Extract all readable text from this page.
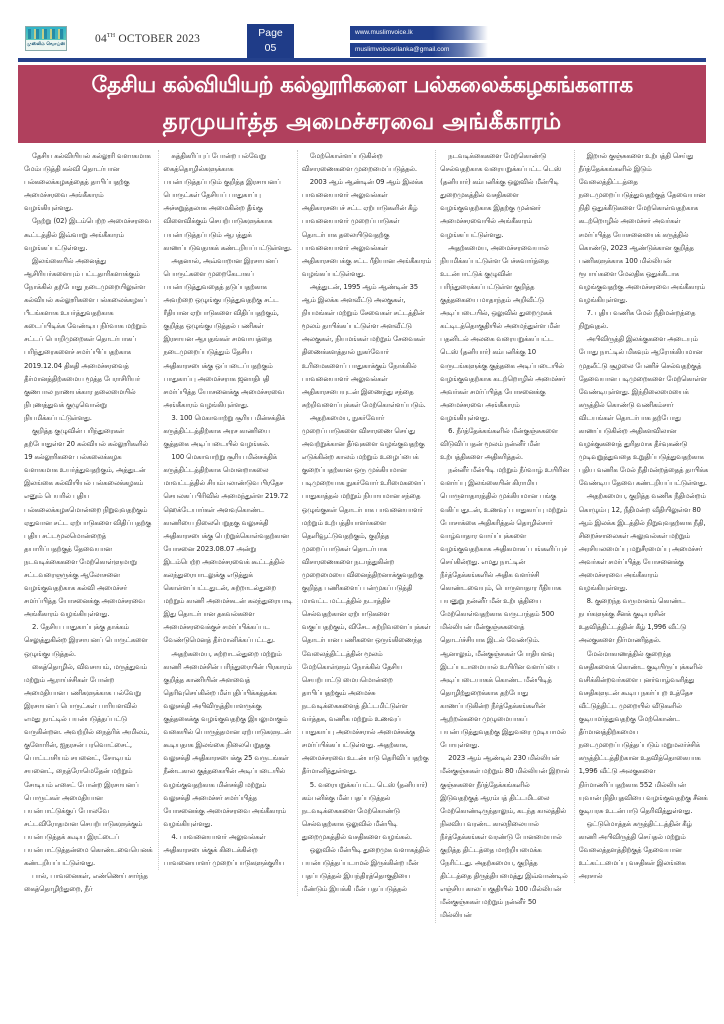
முஸ்லிம் வொய்ஸ்	04TH OCTOBER 2023	Page
05
www.muslimvoice.lk
muslimvoicesrilanka@gmail.com
தேசிய கல்வியியற் கல்லூரிகளை பல்கலைக்கழகங்களாக
தரமுயர்த்த அமைச்சரவை அங்கீகாரம்

தேசிய கல்வியியல் கல்லூரி வளாகமாக மேம்படுத்தி கல்வி தொடர்பான பல்கலைக்கழகத்தைத் தாபிப்பதற்கு அமைச்சரவை அங்கீகாரம் வழங்கியுள்ளது.

நேற்று (02) இடம்பெற்ற அமைச்சரவை கூட்டத்தில் இவ்வாறு அங்கீகாரம் வழங்கப்பட்டுள்ளது.

இலங்கையில் அனைத்து ஆசிரியர்களையும் பட்டதாரிகளாக்கும் நோக்கில் தற்போது நடைமுறையிலுள்ள கல்வியல் கல்லூரிகளை பல்கலைக்கழகப் பீடங்களாக உயர்த்துவதற்காக கடைப்பிடிக்க வேண்டிய நிர்வாக மற்றும் சட்டப் பொறிமுறைகள் தொடர்பாகப் பரிந்துரைகளைச் சமர்ப்பிப்பதற்காக 2019.12.04 திகதி அமைச்சரவைத் தீர்மானத்திற்கமைய மூத்த பேராசிரியர் குணபால நாணயக்கார தலைமையில் நிபுணத்துவக் குழுவொன்று நியமிக்கப்பட்டுள்ளது.

குறித்த குழுவின் பரிந்துரைகள் தற்போதுள்ள 20 கல்வியல் கல்லூரிகளில் 19 கல்லூரிகளை பல்கலைக்கழக வளாகமாக உயர்த்துவதற்கும், அத்துடன் இலங்கை கல்வியியல் பல்கலைக்கழகம் எனும் பெயரில் புதிய பல்கலைக்கழகமொன்றை நிறுவுவதற்கும் ஏதுவான சட்ட ஏற்பாடுகளை விதிப்பதற்கு புதிய சட்டமூலமொன்றைத் தயாரிப்பதற்குத் தேவையான நடவடிக்கைகளை மேற்கொள்ளுமாறு சட்டவரைஞருக்கு ஆலோசனை வழங்குவதற்காக கல்வி அமைச்சர் சமர்ப்பித்த யோசனைக்கு அமைச்சரவை அங்கீகாரம் வழங்கியுள்ளது.

2. தேசிய பாதுகாப்புக்கு தாக்கம் செலுத்துகின்ற இரசாயனப் பொருட்களை ஒழுங்குபடுத்தல்.

கைத்தொழில், விவசாயம், மருத்துவம் மற்றும் ஆராய்ச்சிகள் போன்ற அமைதியான பணிகளுக்காக பல்வேறு இரசாயனப் பொருட்கள் பாரியளவில் எமது நாட்டில் பயன்படுத்தப்பட்டு வருகின்றன. அவற்றில் நைத்ரிக் அமிலம், குளோரின், ஐதரசன் பரவொட்சைட், பொட்டாசியம் சயனைட், சோடியம் சயனைட், நைத்ரோமெதேன் மற்றும் சோடியம் எசைட் போன்ற இரசாயனப் பொருட்கள் அமைதியான பயன்பாட்டுக்குப் போலவே சட்டவிரோதமான செயற்பாடுகளுக்கும் பயன்படுத்தக் கூடிய இரட்டைப் பயன்பாட்டுத்தன்மை கொண்டவையெனக் கண்டறியப்பட்டுள்ளது.

பால், பாவனைகள், எண்ணெய் சார்ந்த கைத்தொழிற்துறை, நீர்

சுத்திகரிப்புப் போன்ற பல்வேறு கைத்தொழில்களுக்காக பயன்படுத்தப்படும் குறித்த இரசாயனப் பொருட்கள் தேசியப் பாதுகாப்பு அச்சுறுத்தலாக அமைகின்ற தீங்கு விளைவிக்கும் செயற்பாடுகளுக்காக பயன்படுத்தப்படும் ஆபத்துக் காணப்படுவதாகக் கண்டறியப்பட்டுள்ளது.

அதனால், அவ்வாறான இரசாயனப் பொருட்களை முறைகேடாகப் பயன்படுத்துவதைத் தடுப்பதற்காக அவற்றை ஒழுங்குபடுத்துவதற்கு சட்ட ரீதியான ஏற்பாடுகளை விதிப்பதற்கும், குறித்த ஒழுங்குபடுத்தல் பணிகள் இரசாயன ஆயுதங்கள் சமவாயத்தை நடைமுறைப்படுத்தும் தேசிய அதிகாரசபைக்கு ஒப்படைப்பதற்கும் பாதுகாப்பு அமைச்சராக ஜனாதிபதி சமர்ப்பித்த யோசனைக்கு அமைச்சரவை அங்கீகாரம் வழங்கியுள்ளது.

3. 100 மெகாவாற்று சூரிய மின்சக்திக் கருத்திட்டத்திற்காக அரச காணியை குத்தகை அடிப்படையில் வழங்கல்.

100 மெகாவாற்று சூரிய மின்சக்திக் கருத்திட்டத்திற்காக மொனறாகலை மாவட்டத்தில் சியம்பலாண்டுவ பிரதேச செயலகப் பிரிவில் அமைந்துள்ள 219.72 ஹெக்டேயார்கள் அளவுகொண்ட காணியை நிலைபெறுதகு வலுசக்தி அதிகாரசபைக்கு பெற்றுக்கொள்வதற்கான யோசனை 2023.08.07 அன்று இடம்பெற்ற அமைச்சரவைக் கூட்டத்தில் கலந்துரையாடலுக்கு எடுத்துக் கொள்ளப்பட்டதுடன், சுற்றாடல்துறை மற்றும் காணி அமைச்சுடன் கலந்துரையாடி இது தொடர்பான தகவல்களை அமைச்சரவைக்குச் சமர்ப்பிக்கப்பட வேண்டுமெனத் தீர்மானிக்கப்பட்டது.

அதற்கமைய, சுற்றாடல்துறை மற்றும் காணி அமைச்சின் பரிந்துரையின் பிரகாரம் குறித்த காணியின் அளவைத் தெரிவுசெய்கின்ற மீள்புதிப்பிக்கத்தக்க வலுசக்தி அபிவிருத்தியாளருக்கு குத்தகைக்கு வழங்குவதற்கு இயலுமாகும் வகையில் பொருத்தமான ஏற்பாடுகளுடன் கூடியதாக இலங்கை நிலைபெறுதகு வலுசக்தி அதிகாரசபைக்கு 25 வருடங்கள் நீண்டகால குத்தகையின் அடிப்படையில் வழங்குவதற்காக மின்சக்தி மற்றும் வலுசக்தி அமைச்சர் சமர்ப்பித்த யோசனைக்கு அமைச்சரவை அங்கீகாரம் வழங்கியுள்ளது.

4. பாவனையாளர் அலுவல்கள் அதிகாரசபைக்குக் கிடைக்கின்ற பாவனையாளர் முறைப்பாடுகளுக்குரிய

மேற்கொள்ளப்படுகின்ற விசாரணைகளை முறைமைப்படுத்தல்.

2003 ஆம் ஆண்டின் 09 ஆம் இலக்க பாவனையாளர் அலுவல்கள் அதிகாரசபைச் சட்ட ஏற்பாடுகளின் கீழ் பாவனையாளர் முறைப்பாடுகள் தொடர்பாக தலையிடுவதற்கு பாவனையாளர் அலுவல்கள் அதிகாரசபைக்கு சட்ட ரீதியான அங்கீகாரம் வழங்கப்பட்டுள்ளது.

அத்துடன், 1995 ஆம் ஆண்டின் 35 ஆம் இலக்க அளவீட்டு அலகுகள், நியமங்கள் மற்றும் சேவைகள் சட்டத்தின் மூலம் தாபிக்கப்பட்டுள்ள அளவீட்டு அலகுகள், நியமங்கள் மற்றும் சேவைகள் திணைக்களத்தால் நுகர்வோர் உரிமைகளைப் பாதுகாக்கும் நோக்கில் பாவனையாளர் அலுவல்கள் அதிகாரசபையுடன் இணைந்து சந்தை சுற்றிவளைப்புக்கள் மேற்கொள்ளப்படும்.

அதற்கமைய, நுகர்வோர் முறைப்பாடுகளை விசாரணை செய்து அவற்றுக்கான தீர்வுகளை வழங்குவதற்கு எடுக்கின்ற காலம் மற்றும் உழைப்பைக் குறைப்பதற்கான ஒரு முக்கியமான படிமுறையாக நுகர்வோர் உரிமைகளைப் பாதுகாத்தல் மற்றும் நியாயமான சந்தை ஒழுங்குகள் தொடர்பாக பாவனையாளர் மற்றும் உற்பத்தியாளர்களை தெளிவூட்டுவதற்கும், குறித்த முறைப்பாடுகள் தொடர்பாக விசாரணைகளை நடாத்துகின்ற முறைமையை வினைத்திறனாக்குவதற்கு குறித்த பணிகளைப் பன்முகப்படுத்தி மாவட்ட மட்டத்தில் நடாத்திச் செல்வதற்கான ஏற்பாடுகளை வகுப்பதற்கும், விசேட சுற்றிவளைப்புக்கள் தொடர்பான பணிகளை ஒருங்கிணைந்த வேலைத்திட்டத்தின் மூலம் மேற்கொள்ளும் நோக்கில் தேசிய செயற்பாட்டு மையமொன்றை தாபிப்பதற்கும் அமைச்சு நடவடிக்கைகளைத் திட்டமிட்டுள்ள வர்த்தக, வணிக மற்றும் உணவுப் பாதுகாப்பு அமைச்சரால் அமைச்சுக்கு சமர்ப்பிக்கப்பட்டுள்ளது. அதற்காக, அமைச்சரவை உடன்பாடு தெரிவிப்பதற்கு தீர்மானித்துள்ளது.

5. வரையறுக்கப்பட்ட டெஸ் (தனியார்) கம்பனிக்கு மீன் பதப்படுத்தல் நடவடிக்கைகளை மேற்கொண்டு செல்வதற்காக ஒலுவில் மீன்பிடி துறைமுகத்தில் வசதிகளை வழங்கல்.

ஒலுவில் மீன்பிடி துறைமுக வளாகத்தில் பயன்படுத்தப்படாமல் இருக்கின்ற மீன் பதப்படுத்தல் இயந்திரத்தொகுதியை மீண்டும் இயக்கி மீன் பதப்படுத்தல்

நடவடிக்கைகளை மேற்கொண்டு செல்வதற்காக வரையறுக்கப்பட்ட டெஸ் (தனியார்) கம்பனிக்கு ஒலுவில் மீன்பிடி துறைமுகத்தில் வசதிகளை வழங்குவதற்காக இதற்கு முன்னர் அமைச்சரவையில் அங்கீகாரம் வழங்கப்பட்டுள்ளது.

அதற்கமைய, அமைச்சரவையால் நியமிக்கப்பட்டுள்ள பேச்சுவார்த்தை உடன்பாட்டுக் குழுவின் பரிந்துரைக்கப்பட்டுள்ள குறித்த குத்தகையை மாதாந்தம் அறிவீட்டு அடிப்படையில், ஒலுவில் துறைமுகக் கட்டிடத்தொகுதியில் அமைந்துள்ள மீன் பதனிடல் அலகை வரையறுக்கப்பட்ட டெஸ் (தனியார்) கம்பனிக்கு 10 வருடங்களுக்கு குத்தகை அடிப்படையில் வழங்குவதற்காக கடற்றொழில் அமைச்சர் அவர்கள் சமர்ப்பித்த யோசனைக்கு அமைச்சரவை அங்கீகாரம் வழங்கியுள்ளது.

6. நீர்த்தேக்கங்களில் மீன்குஞ்சுகளை விடுவிப்பதன் மூலம் நன்னீர் மீன் உற்பத்திகளை அதிகரித்தல்.

நன்னீர் மீன்பிடி மற்றும் நீர்வாழ் உயிரின வளர்ப்பு இலங்கையின் கிராமிய பொருளாதாரத்தில் முக்கியமான பங்கு வகிப்பதுடன், உணவுப் பாதுகாப்பு மற்றும் போசாக்கை அதிகரித்தல் தொழில்சார் வாழ்வாதார வாய்ப்புக்களை வழங்குவதற்காக அதிகமாகப் பங்களிப்புச் செய்கின்றது. எமது நாட்டின் நீர்த்தேக்கங்களில் அதிக வளர்ச்சி கொண்டவையும், பொருளாதார ரீதியாக பயனுறு நன்னீர் மீன் உற்பத்தியை மேற்கொள்வதற்காக வருடாந்தம் 500 மில்லியன் மீன்குஞ்சுகளைத் தொடர்ச்சியாக இடல் வேண்டும். ஆனாலும், மீன்குஞ்சுகள் போதியளவு இடப்படாமையால் உயிரின வளர்ப்பை அடிப்படையாகக் கொண்ட மீன்பிடித் தொழிற்துறைக்காக தற்போது காணப்படுகின்ற நீர்த்தேக்கங்களின் ஆற்றல்களை முழுமையாகப் பயன்படுத்துவதற்கு இதுவரை முடியாமல் போயுள்ளது.

2023 ஆம் ஆண்டில் 230 மில்லியன் மீன்குஞ்சுகள் மற்றும் 80 மில்லியன் இறால் குஞ்சுகளை நீர்த்தேக்கங்களில் இடுவதற்குத் ஆரம்பத் திட்டமிடலை மேற்கொண்டிருந்தாலும், கடந்த காலத்தில் நிலவிய வரண்ட காலநிலையால் நீர்த்தேக்கங்கள் வரண்டு போனமையால் குறித்த திட்டத்தை மாற்றியமைக்க நேரிட்டது. அதற்கமைய, குறித்த திட்டத்தை திருத்தியமைத்து இவ்வாண்டில் எஞ்சிய காலப்பகுதியில் 100 மில்லியன் மீன்குஞ்சுகள் மற்றும் நன்னீர் 50 மில்லியன்

இறால் குஞ்சுகளை உற்பத்தி செய்து நீர்த்தேக்கங்களில் இடும் வேலைத்திட்டத்தை நடைமுறைப்படுத்துவதற்குத் தேவையான நிதி ஒதுக்கீடுகளை மேற்கொள்வதற்காக கடற்றொழில் அமைச்சர் அவர்கள் சமர்ப்பித்த யோசனையைக் கருத்தில் கொண்டு, 2023 ஆண்டுக்கான குறித்த பணிகளுக்காக 100 மில்லியன் ரூபாய்களை மேலதிக ஒதுக்கீடாக வழங்குவதற்கு அமைச்சரவை அங்கீகாரம் வழங்கியுள்ளது.

7. புதிய வணிக மேல் நீதிமன்றத்தை நிறுவுதல்.

அபிவிருத்தி இலக்குகளை அடையும் போது நாட்டில் மிகவும் ஆரோக்கியமான முதலீட்டு சூழலை பேணிச் செல்வதற்குத் தேவையான படிமுறைகளை மேற்கொள்ள வேண்டியுள்ளது. இந்நிலைமையைக் கருத்தில் கொண்டு வணிகம்சார் விடயங்கள் தொடர்பாக தற்போது காணப்படுகின்ற அதிகளவிலான வழக்குகளைத் துரிதமாக தீர்வுகண்டு முடிவுறுத்துவதை உறுதிப்படுத்துவதற்காக புதிய வணிக மேல் நீதிமன்றத்தைத் தாபிக்க வேண்டிய தேவை கண்டறியப்பட்டுள்ளது.

அதற்கமைய, குறித்த வணிக நீதிமன்றம் கொழும்பு 12, நீதிமன்ற வீதியிலுள்ள 80 ஆம் இலக்க இடத்தில் நிறுவுவதற்காக நீதி, சிறைச்சாலைகள் அலுவல்கள் மற்றும் அரசியலமைப்பு மறுசீரமைப்பு அமைச்சர் அவர்கள் சமர்ப்பித்த யோசனைக்கு அமைச்சரவை அங்கீகாரம் வழங்கியுள்ளது.

8. குறைந்த வருமானம் கொண்ட நபர்களுக்கு சீனக் குடியரசின் உதவித்திட்டத்தின் கீழ் 1,996 வீட்டு அலகுகளை நிர்மாணித்தல்.

மேல்மாகாணத்தில் குறைந்த வசதிகளைக் கொண்ட குடியிருப்புக்களில் வசிக்கின்றவர்களை புனர்வாழ்வளித்து வசதிகளுடன் கூடிய நகர்ப்புற உத்தேச வீட்டுத்திட்ட முறையில் வீடுகளில் குடியமர்த்துவதற்கு மேற்கொண்ட தீர்மானத்திற்கமைய நடைமுறைப்படுத்தப்படும் மறுமலர்ச்சிக் கருத்திட்டத்திற்கான உதவித்தொகையாக 1,996 வீட்டு அலகுகளை நிர்மாணிப்பதற்காக 552 மில்லியன் யுவான் நிதியுதவியை வழங்குவதற்கு சீனக் குடியரசு உடன்பாடு தெரிவித்துள்ளது.

ஒட்டுமொத்தக் கருத்திட்டத்தின் கீழ் காணி அபிவிருத்தி செய்தல் மற்றும் வேலைத்தளத்திற்குத் தேவையான உட்கட்டமைப்பு வசதிகள் இலங்கை அரசால்
